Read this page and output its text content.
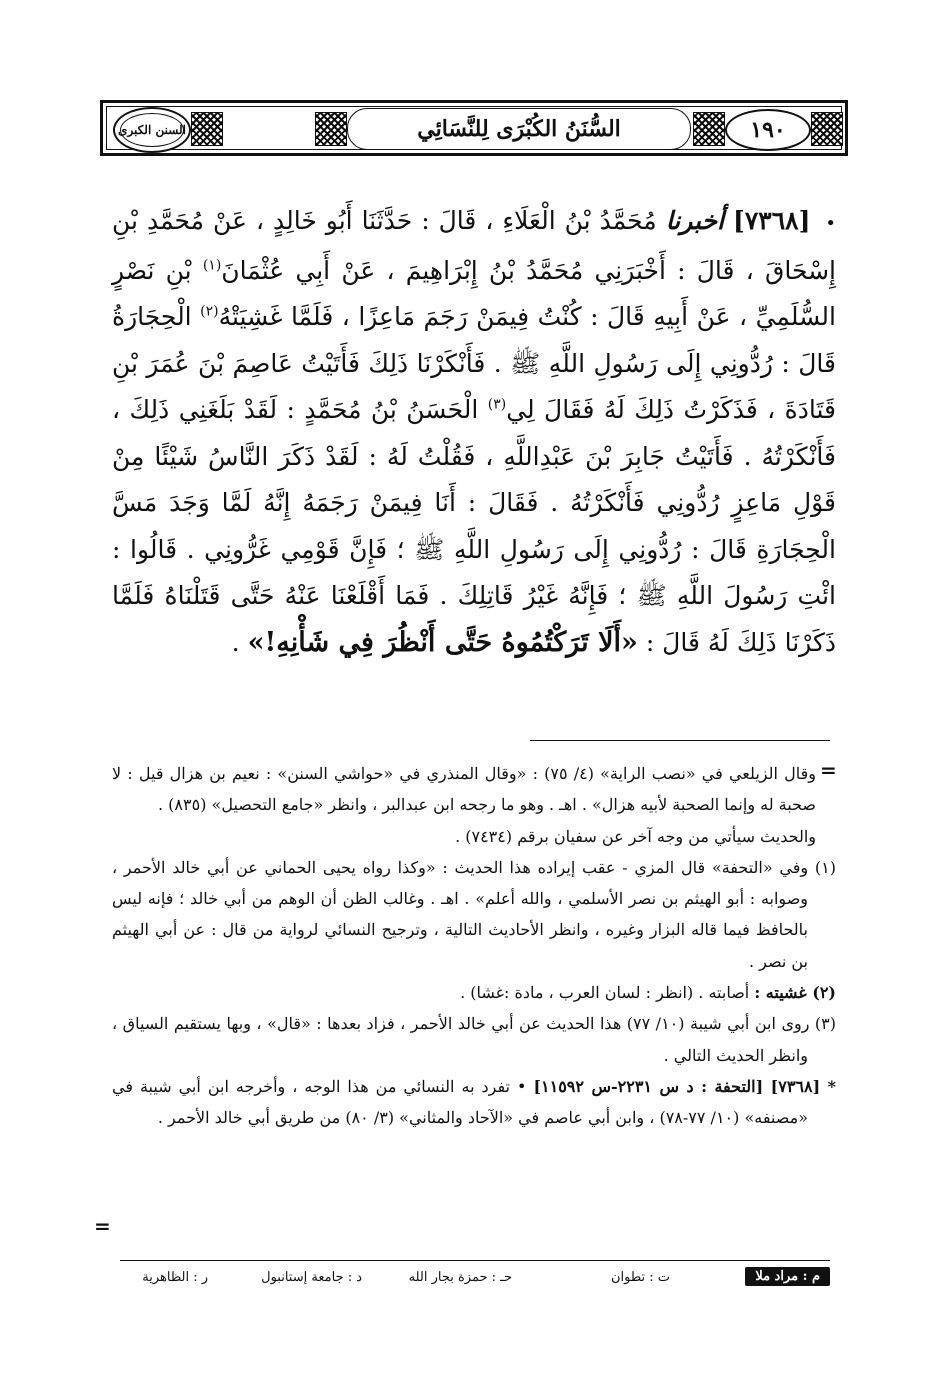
السنن الكبرى	السُّنَنُ الكُبْرَى لِلنَّسَائِي	١٩٠

• [٧٣٦٨] أخبرنا مُحَمَّدُ بْنُ الْعَلَاءِ ، قَالَ : حَدَّثَنَا أَبُو خَالِدٍ ، عَنْ مُحَمَّدِ بْنِ إِسْحَاقَ ، قَالَ : أَخْبَرَنِي مُحَمَّدُ بْنُ إِبْرَاهِيمَ ، عَنْ أَبِي عُثْمَانَ$^{(١)}$ بْنِ نَصْرٍ السُّلَمِيِّ ، عَنْ أَبِيهِ قَالَ : كُنْتُ فِيمَنْ رَجَمَ مَاعِزًا ، فَلَمَّا غَشِيَتْهُ$^{(٢)}$ الْحِجَارَةُ قَالَ : رُدُّونِي إِلَى رَسُولِ اللَّهِ ﷺ . فَأَنْكَرْنَا ذَلِكَ فَأَتَيْتُ عَاصِمَ بْنَ عُمَرَ بْنِ قَتَادَةَ ، فَذَكَرْتُ ذَلِكَ لَهُ فَقَالَ لِي$^{(٣)}$ الْحَسَنُ بْنُ مُحَمَّدٍ : لَقَدْ بَلَغَنِي ذَلِكَ ، فَأَنْكَرْتُهُ . فَأَتَيْتُ جَابِرَ بْنَ عَبْدِاللَّهِ ، فَقُلْتُ لَهُ : لَقَدْ ذَكَرَ النَّاسُ شَيْئًا مِنْ قَوْلِ مَاعِزٍ رُدُّونِي فَأَنْكَرْتُهُ . فَقَالَ : أَنَا فِيمَنْ رَجَمَهُ إِنَّهُ لَمَّا وَجَدَ مَسَّ الْحِجَارَةِ قَالَ : رُدُّونِي إِلَى رَسُولِ اللَّهِ ﷺ ؛ فَإِنَّ قَوْمِي غَرُّونِي . قَالُوا : ائْتِ رَسُولَ اللَّهِ ﷺ ؛ فَإِنَّهُ غَيْرُ قَاتِلِكَ . فَمَا أَقْلَعْنَا عَنْهُ حَتَّى قَتَلْنَاهُ فَلَمَّا ذَكَرْنَا ذَلِكَ لَهُ قَالَ : «أَلَا تَرَكْتُمُوهُ حَتَّى أَنْظُرَ فِي شَأْنِهِ!» .

=

وقال الزيلعي في «نصب الراية» (٤/ ٧٥) : «وقال المنذري في «حواشي السنن» : نعيم بن هزال قيل : لا صحبة له وإنما الصحبة لأبيه هزال» . اهـ . وهو ما رجحه ابن عبدالبر ، وانظر «جامع التحصيل» (٨٣٥) .

والحديث سيأتي من وجه آخر عن سفيان برقم (٧٤٣٤) .

(١) وفي «التحفة» قال المزي - عقب إيراده هذا الحديث : «وكذا رواه يحيى الحماني عن أبي خالد الأحمر ، وصوابه : أبو الهيثم بن نصر الأسلمي ، والله أعلم» . اهـ . وغالب الظن أن الوهم من أبي خالد ؛ فإنه ليس بالحافظ فيما قاله البزار وغيره ، وانظر الأحاديث التالية ، وترجيح النسائي لرواية من قال : عن أبي الهيثم بن نصر .

(٢) غشيته : أصابته . (انظر : لسان العرب ، مادة :غشا) .

(٣) روى ابن أبي شيبة (١٠/ ٧٧) هذا الحديث عن أبي خالد الأحمر ، فزاد بعدها : «قال» ، وبها يستقيم السياق ، وانظر الحديث التالي .

* [٧٣٦٨] [التحفة : د س ٢٢٣١-س ١١٥٩٢] • تفرد به النسائي من هذا الوجه ، وأخرجه ابن أبي شيبة في «مصنفه» (١٠/ ٧٧-٧٨) ، وابن أبي عاصم في «الآحاد والمثاني» (٣/ ٨٠) من طريق أبي خالد الأحمر .

=
م : مراد ملا
ت : تطوان
حـ : حمزة بجار الله
د : جامعة إستانبول
ر : الظاهرية
